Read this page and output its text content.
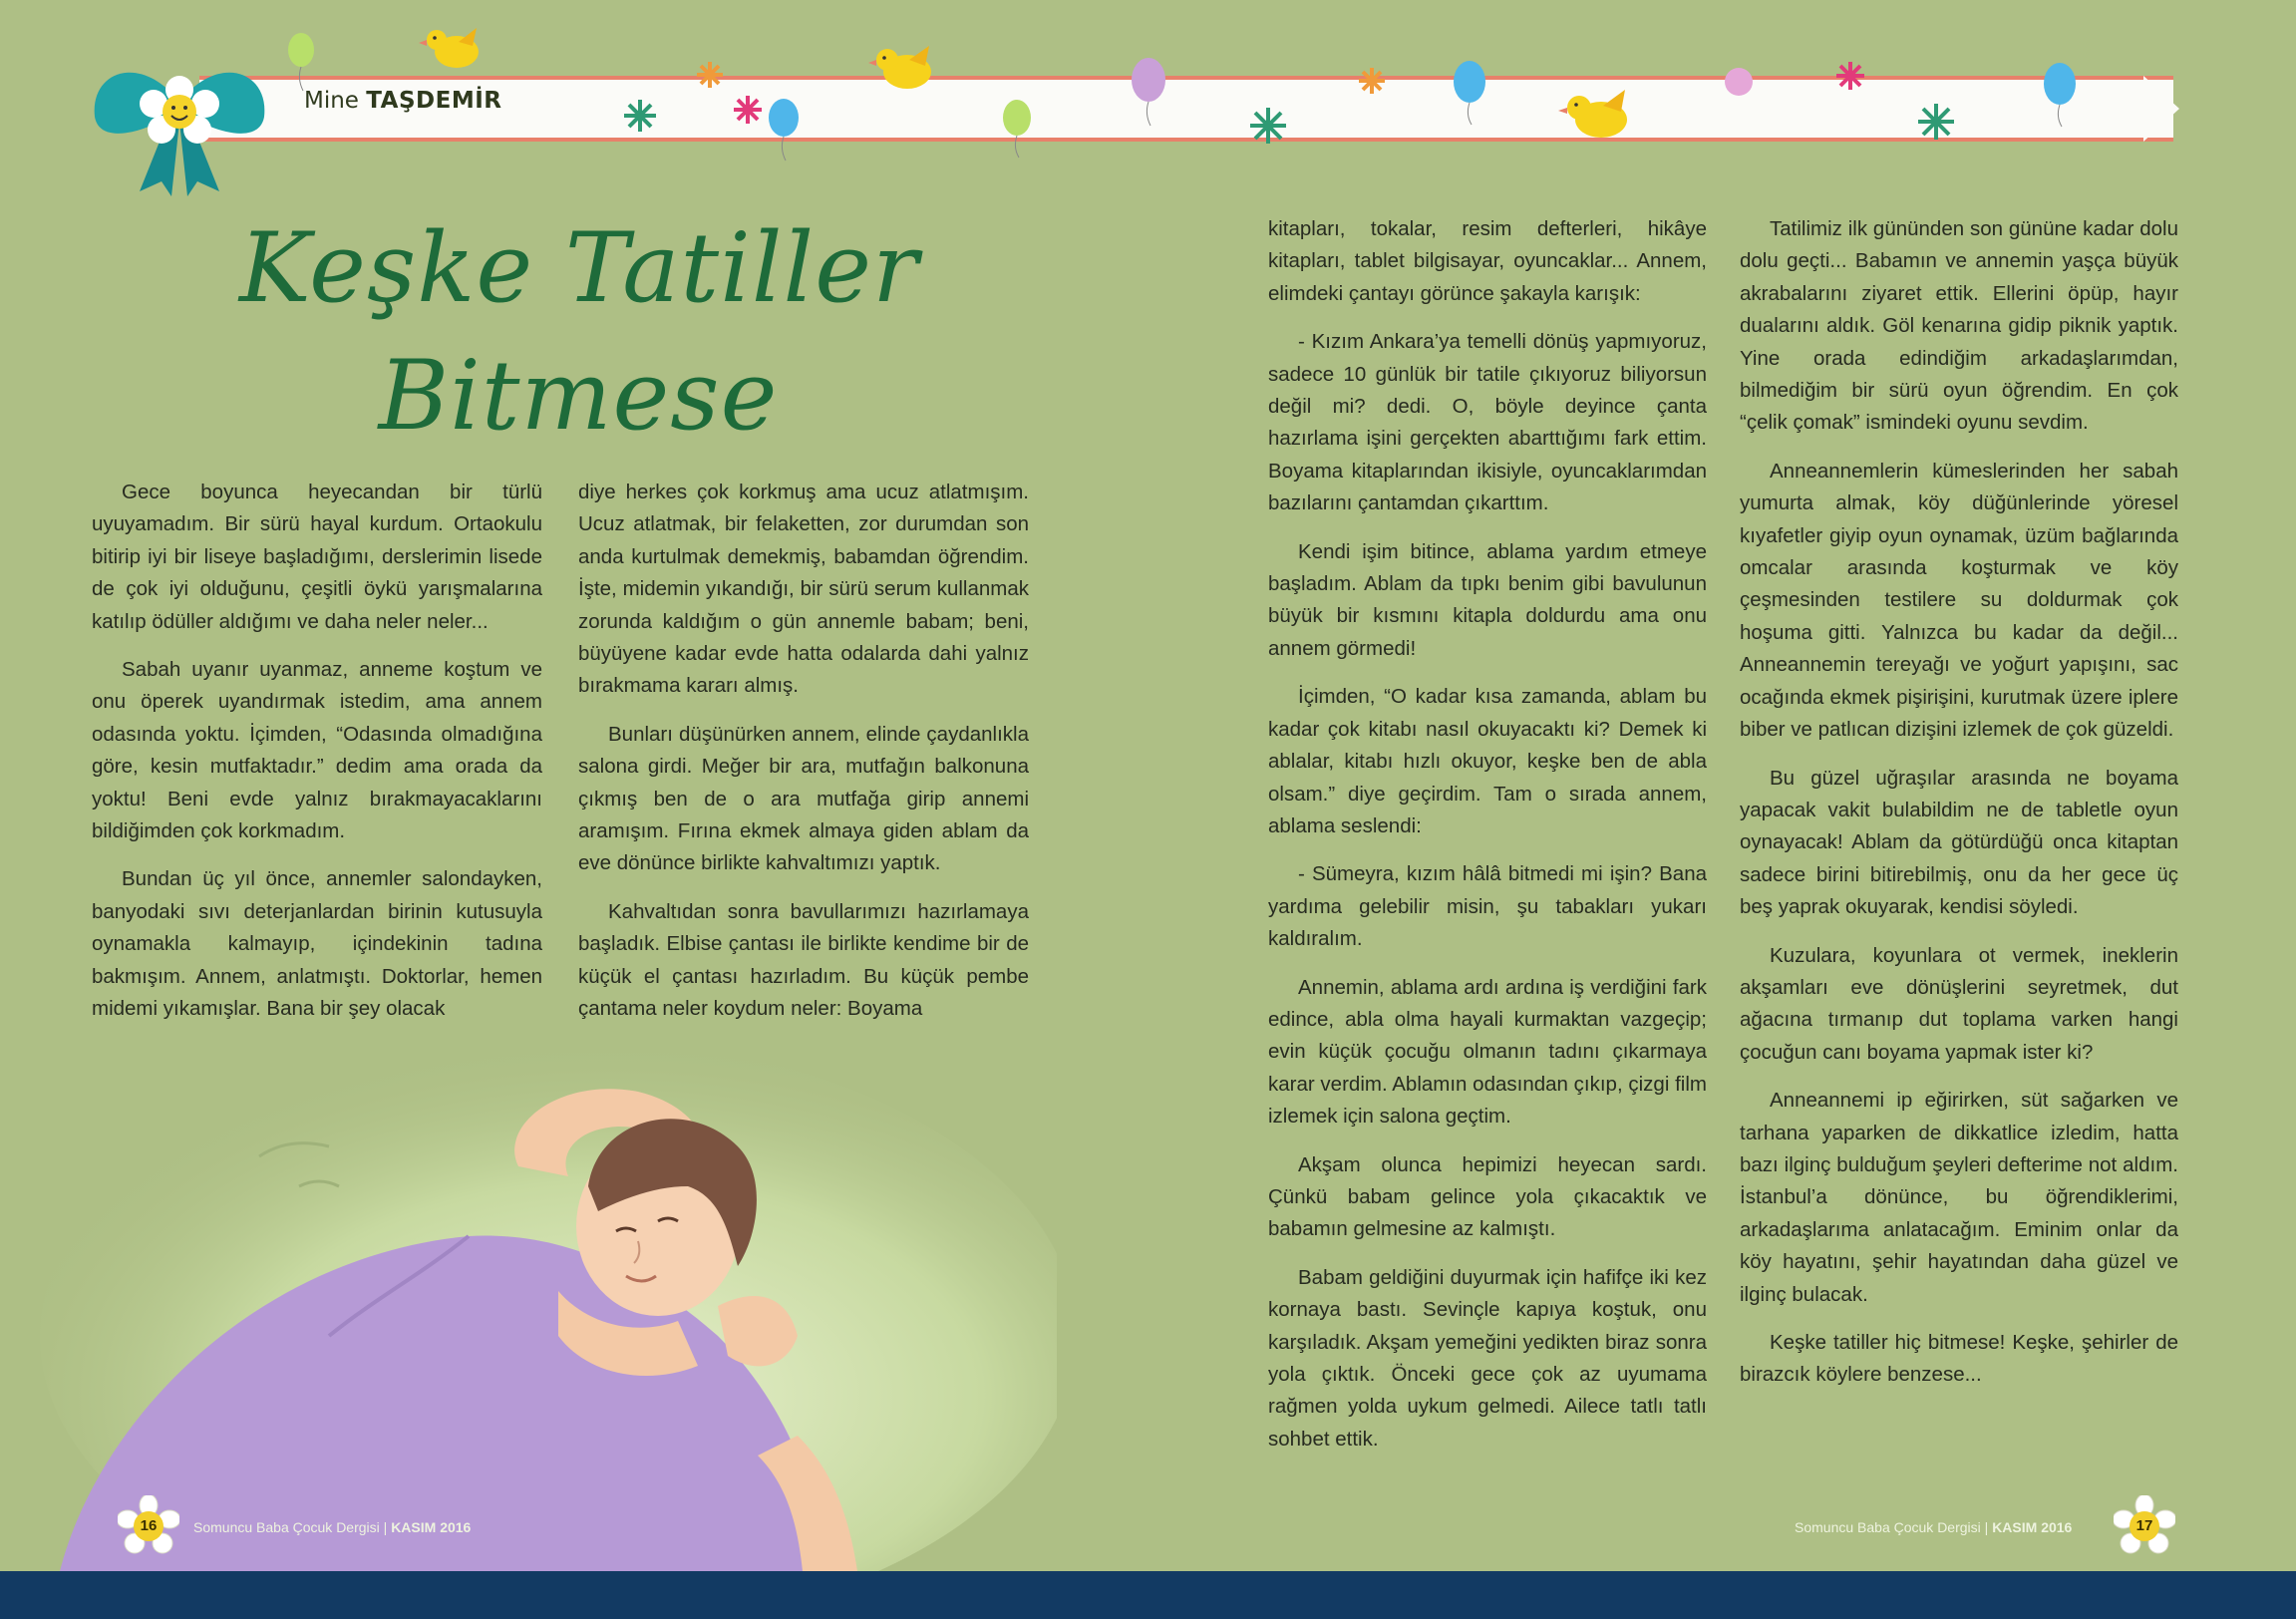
Mine TAŞDEMİR
Keşke Tatiller
Bitmese

Gece boyunca heyecandan bir türlü uyuyamadım. Bir sürü hayal kurdum. Ortaokulu bitirip iyi bir liseye başladığımı, derslerimin lisede de çok iyi olduğunu, çeşitli öykü yarışmalarına katılıp ödüller aldığımı ve daha neler neler...

Sabah uyanır uyanmaz, anneme koştum ve onu öperek uyandırmak istedim, ama annem odasında yoktu. İçimden, “Odasında olmadığına göre, kesin mutfaktadır.” dedim ama orada da yoktu! Beni evde yalnız bırakmayacaklarını bildiğimden çok korkmadım.

Bundan üç yıl önce, annemler salondayken, banyodaki sıvı deterjanlardan birinin kutusuyla oynamakla kalmayıp, içindekinin tadına bakmışım. Annem, anlatmıştı. Doktorlar, hemen midemi yıkamışlar. Bana bir şey olacak

diye herkes çok korkmuş ama ucuz atlatmışım. Ucuz atlatmak, bir felaketten, zor durumdan son anda kurtulmak demekmiş, babamdan öğrendim. İşte, midemin yıkandığı, bir sürü serum kullanmak zorunda kaldığım o gün annemle babam; beni, büyüyene kadar evde hatta odalarda dahi yalnız bırakmama kararı almış.

Bunları düşünürken annem, elinde çaydanlıkla salona girdi. Meğer bir ara, mutfağın balkonuna çıkmış ben de o ara mutfağa girip annemi aramışım. Fırına ekmek almaya giden ablam da eve dönünce birlikte kahvaltımızı yaptık.

Kahvaltıdan sonra bavullarımızı hazırlamaya başladık. Elbise çantası ile birlikte kendime bir de küçük el çantası hazırladım. Bu küçük pembe çantama neler koydum neler: Boyama

kitapları, tokalar, resim defterleri, hikâye kitapları, tablet bilgisayar, oyuncaklar... Annem, elimdeki çantayı görünce şakayla karışık:

- Kızım Ankara’ya temelli dönüş yapmıyoruz, sadece 10 günlük bir tatile çıkıyoruz biliyorsun değil mi? dedi. O, böyle deyince çanta hazırlama işini gerçekten abarttığımı fark ettim. Boyama kitaplarından ikisiyle, oyuncaklarımdan bazılarını çantamdan çıkarttım.

Kendi işim bitince, ablama yardım etmeye başladım. Ablam da tıpkı benim gibi bavulunun büyük bir kısmını kitapla doldurdu ama onu annem görmedi!

İçimden, “O kadar kısa zamanda, ablam bu kadar çok kitabı nasıl okuyacaktı ki? Demek ki ablalar, kitabı hızlı okuyor, keşke ben de abla olsam.” diye geçirdim. Tam o sırada annem, ablama seslendi:

- Sümeyra, kızım hâlâ bitmedi mi işin? Bana yardıma gelebilir misin, şu tabakları yukarı kaldıralım.

Annemin, ablama ardı ardına iş verdiğini fark edince, abla olma hayali kurmaktan vazgeçip; evin küçük çocuğu olmanın tadını çıkarmaya karar verdim. Ablamın odasından çıkıp, çizgi film izlemek için salona geçtim.

Akşam olunca hepimizi heyecan sardı. Çünkü babam gelince yola çıkacaktık ve babamın gelmesine az kalmıştı.

Babam geldiğini duyurmak için hafifçe iki kez kornaya bastı. Sevinçle kapıya koştuk, onu karşıladık. Akşam yemeğini yedikten biraz sonra yola çıktık. Önceki gece çok az uyumama rağmen yolda uykum gelmedi. Ailece tatlı tatlı sohbet ettik.

Tatilimiz ilk gününden son gününe kadar dolu dolu geçti... Babamın ve annemin yaşça büyük akrabalarını ziyaret ettik. Ellerini öpüp, hayır dualarını aldık. Göl kenarına gidip piknik yaptık. Yine orada edindiğim arkadaşlarımdan, bilmediğim bir sürü oyun öğrendim. En çok “çelik çomak” ismindeki oyunu sevdim.

Anneannemlerin kümeslerinden her sabah yumurta almak, köy düğünlerinde yöresel kıyafetler giyip oyun oynamak, üzüm bağlarında omcalar arasında koşturmak ve köy çeşmesinden testilere su doldurmak çok hoşuma gitti. Yalnızca bu kadar da değil... Anneannemin tereyağı ve yoğurt yapışını, sac ocağında ekmek pişirişini, kurutmak üzere iplere biber ve patlıcan dizişini izlemek de çok güzeldi.

Bu güzel uğraşılar arasında ne boyama yapacak vakit bulabildim ne de tabletle oyun oynayacak! Ablam da götürdüğü onca kitaptan sadece birini bitirebilmiş, onu da her gece üç beş yaprak okuyarak, kendisi söyledi.

Kuzulara, koyunlara ot vermek, ineklerin akşamları eve dönüşlerini seyretmek, dut ağacına tırmanıp dut toplama varken hangi çocuğun canı boyama yapmak ister ki?

Anneannemi ip eğirirken, süt sağarken ve tarhana yaparken de dikkatlice izledim, hatta bazı ilginç bulduğum şeyleri defterime not aldım. İstanbul’a dönünce, bu öğrendiklerimi, arkadaşlarıma anlatacağım. Eminim onlar da köy hayatını, şehir hayatından daha güzel ve ilginç bulacak.

Keşke tatiller hiç bitmese! Keşke, şehirler de birazcık köylere benzese...

16	Somuncu Baba Çocuk Dergisi | KASIM 2016	Somuncu Baba Çocuk Dergisi | KASIM 2016	17
